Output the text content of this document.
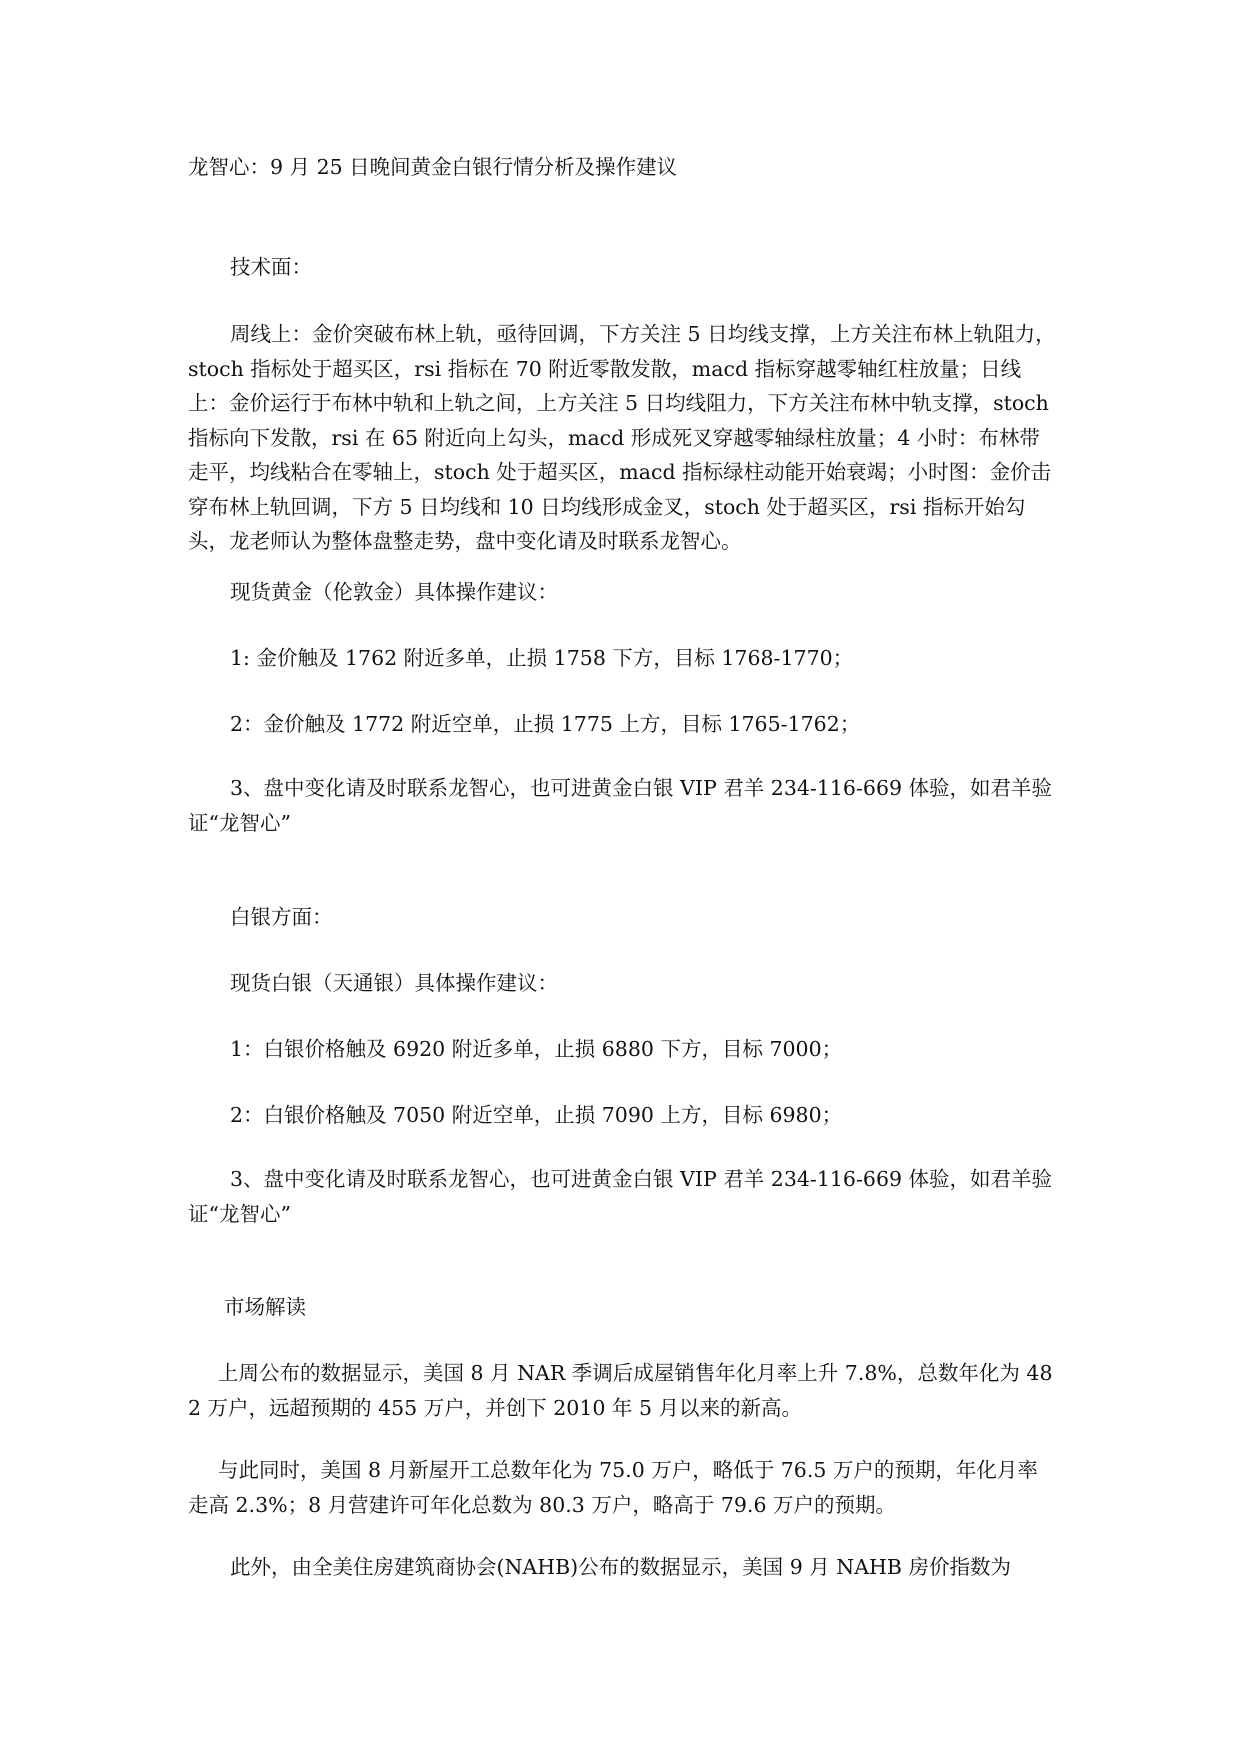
龙智心：9 月 25 日晚间黄金白银行情分析及操作建议

技术面：

周线上：金价突破布林上轨，亟待回调，下方关注 5 日均线支撑，上方关注布林上轨阻力，stoch 指标处于超买区，rsi 指标在 70 附近零散发散，macd 指标穿越零轴红柱放量；日线上：金价运行于布林中轨和上轨之间，上方关注 5 日均线阻力，下方关注布林中轨支撑，stoch 指标向下发散，rsi 在 65 附近向上勾头，macd 形成死叉穿越零轴绿柱放量；4 小时：布林带走平，均线粘合在零轴上，stoch 处于超买区，macd 指标绿柱动能开始衰竭；小时图：金价击穿布林上轨回调，下方 5 日均线和 10 日均线形成金叉，stoch 处于超买区，rsi 指标开始勾头，龙老师认为整体盘整走势，盘中变化请及时联系龙智心。

现货黄金（伦敦金）具体操作建议：

1: 金价触及 1762 附近多单，止损 1758 下方，目标 1768-1770；

2：金价触及 1772 附近空单，止损 1775 上方，目标 1765-1762；

3、盘中变化请及时联系龙智心，也可进黄金白银 VIP 君羊 234-116-669 体验，如君羊验证“龙智心”

白银方面：

现货白银（天通银）具体操作建议：

1：白银价格触及 6920 附近多单，止损 6880 下方，目标 7000；

2：白银价格触及 7050 附近空单，止损 7090 上方，目标 6980；

3、盘中变化请及时联系龙智心，也可进黄金白银 VIP 君羊 234-116-669 体验，如君羊验证“龙智心”

市场解读

上周公布的数据显示，美国 8 月 NAR 季调后成屋销售年化月率上升 7.8%，总数年化为 482 万户，远超预期的 455 万户，并创下 2010 年 5 月以来的新高。

与此同时，美国 8 月新屋开工总数年化为 75.0 万户，略低于 76.5 万户的预期，年化月率走高 2.3%；8 月营建许可年化总数为 80.3 万户，略高于 79.6 万户的预期。

此外，由全美住房建筑商协会(NAHB)公布的数据显示，美国 9 月 NAHB 房价指数为
